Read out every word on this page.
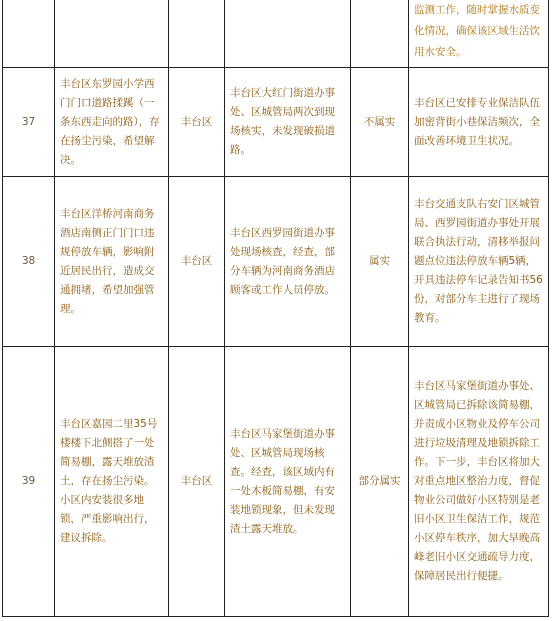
					监测工作，随时掌握水质变化情况，确保该区域生活饮用水安全。
37	丰台区东罗园小学西门门口道路揉蹊（一条东西走向的路），存在扬尘污染，希望解决。	丰台区	丰台区大红门街道办事处、区城管局两次到现场核实，未发现破损道路。	不属实	丰台区已安排专业保洁队伍加密背街小巷保洁频次，全面改善环境卫生状况。
38	丰台区洋桥河南商务酒店南侧正门门口违规停放车辆，影响附近居民出行，造成交通拥堵，希望加强管理。	丰台区	丰台区西罗园街道办事处现场核查，经查，部分车辆为河南商务酒店顾客或工作人员停放。	属实	丰台交通支队右安门区城管局、西罗园街道办事处开展联合执法行动，清移举报问题点位违法停放车辆5辆，开具违法停车记录告知书56份，对部分车主进行了现场教育。
39	丰台区嘉园二里35号楼楼下北侧搭了一处简易棚，露天堆放渣土，存在扬尘污染。小区内安装很多地锁，严重影响出行，建议拆除。	丰台区	丰台区马家堡街道办事处、区城管局现场核查。经查，该区域内有一处木板简易棚，有安装地锁现象，但未发现渣土露天堆放。	部分属实	丰台区马家堡街道办事处、区城管局已拆除该简易棚，并责成小区物业及停车公司进行垃圾清理及地锁拆除工作。下一步，丰台区将加大对重点地区整治力度，督促物业公司做好小区特别是老旧小区卫生保洁工作，规范小区停车秩序，加大早晚高峰老旧小区交通疏导力度，保障居民出行便捷。
